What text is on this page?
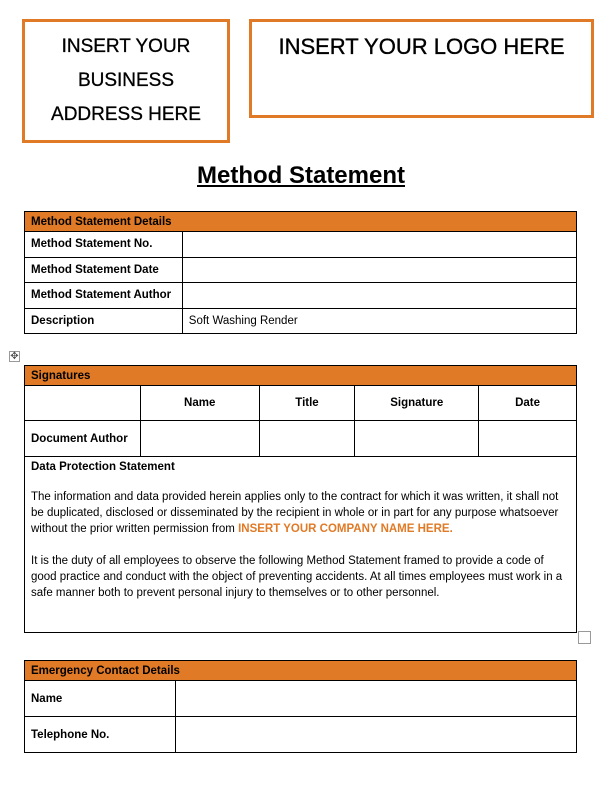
INSERT YOUR
BUSINESS
ADDRESS HERE
INSERT YOUR LOGO HERE
Method Statement
Method Statement Details	
Method Statement No.	
Method Statement Date	
Method Statement Author	
Description	Soft Washing Render
✥
Signatures				
	Name	Title	Signature	Date
Document Author				

Data Protection Statement

The information and data provided herein applies only to the contract for which it was written, it shall not be duplicated, disclosed or disseminated by the recipient in whole or in part for any purpose whatsoever without the prior written permission from INSERT YOUR COMPANY NAME HERE.

It is the duty of all employees to observe the following Method Statement framed to provide a code of good practice and conduct with the object of preventing accidents. At all times employees must work in a safe manner both to prevent personal injury to themselves or to other personnel.				

Emergency Contact Details	
Name	
Telephone No.	
